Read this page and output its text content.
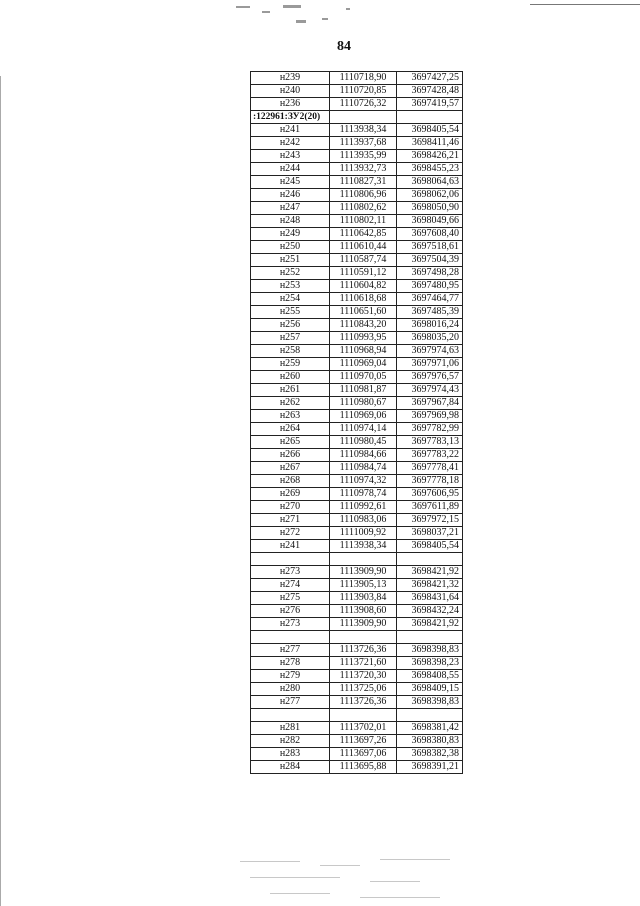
84
н239	1110718,90	3697427,25
н240	1110720,85	3697428,48
н236	1110726,32	3697419,57
:122961:ЗУ2(20)		
н241	1113938,34	3698405,54
н242	1113937,68	3698411,46
н243	1113935,99	3698426,21
н244	1113932,73	3698455,23
н245	1110827,31	3698064,63
н246	1110806,96	3698062,06
н247	1110802,62	3698050,90
н248	1110802,11	3698049,66
н249	1110642,85	3697608,40
н250	1110610,44	3697518,61
н251	1110587,74	3697504,39
н252	1110591,12	3697498,28
н253	1110604,82	3697480,95
н254	1110618,68	3697464,77
н255	1110651,60	3697485,39
н256	1110843,20	3698016,24
н257	1110993,95	3698035,20
н258	1110968,94	3697974,63
н259	1110969,04	3697971,06
н260	1110970,05	3697976,57
н261	1110981,87	3697974,43
н262	1110980,67	3697967,84
н263	1110969,06	3697969,98
н264	1110974,14	3697782,99
н265	1110980,45	3697783,13
н266	1110984,66	3697783,22
н267	1110984,74	3697778,41
н268	1110974,32	3697778,18
н269	1110978,74	3697606,95
н270	1110992,61	3697611,89
н271	1110983,06	3697972,15
н272	1111009,92	3698037,21
н241	1113938,34	3698405,54

н273	1113909,90	3698421,92
н274	1113905,13	3698421,32
н275	1113903,84	3698431,64
н276	1113908,60	3698432,24
н273	1113909,90	3698421,92

н277	1113726,36	3698398,83
н278	1113721,60	3698398,23
н279	1113720,30	3698408,55
н280	1113725,06	3698409,15
н277	1113726,36	3698398,83

н281	1113702,01	3698381,42
н282	1113697,26	3698380,83
н283	1113697,06	3698382,38
н284	1113695,88	3698391,21
